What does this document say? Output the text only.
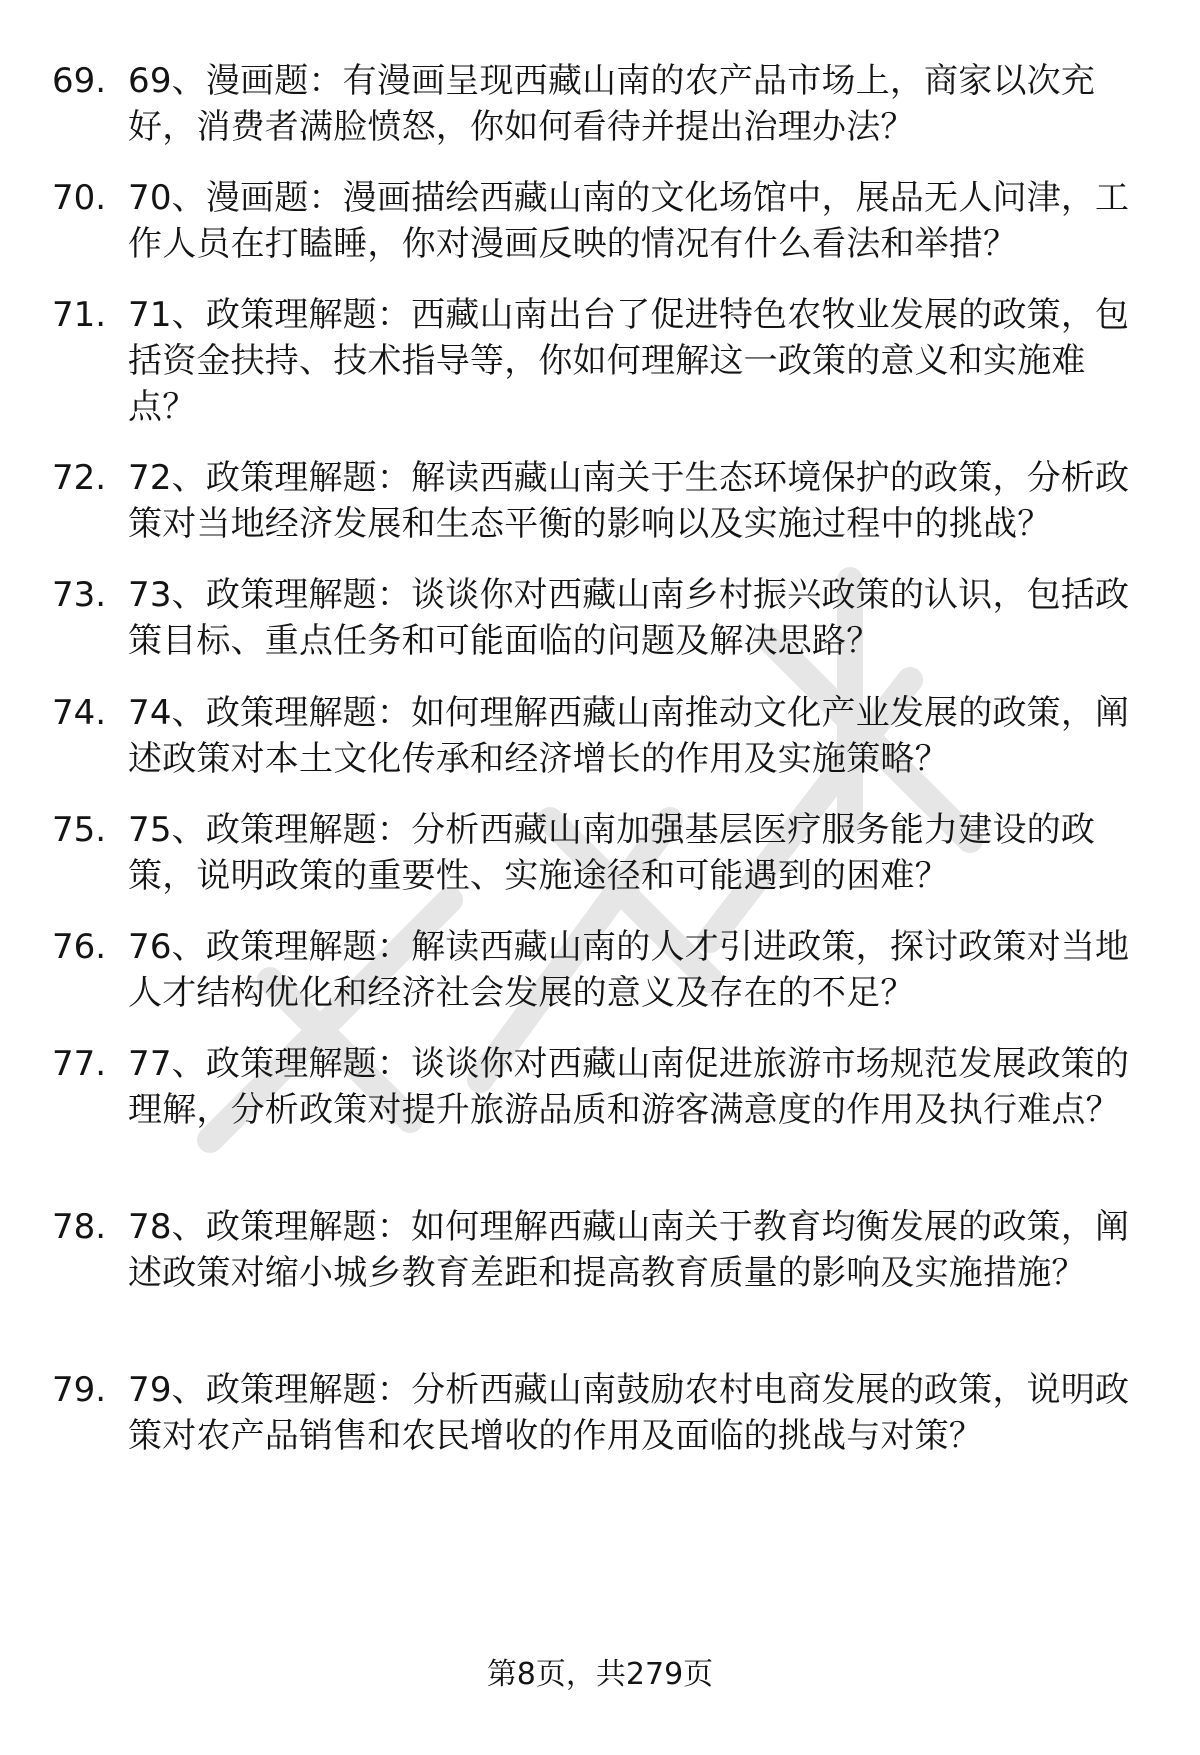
69. 69、漫画题：有漫画呈现西藏山南的农产品市场上，商家以次充好，消费者满脸愤怒，你如何看待并提出治理办法？
70. 70、漫画题：漫画描绘西藏山南的文化场馆中，展品无人问津，工作人员在打瞌睡，你对漫画反映的情况有什么看法和举措？
71. 71、政策理解题：西藏山南出台了促进特色农牧业发展的政策，包括资金扶持、技术指导等，你如何理解这一政策的意义和实施难点？
72. 72、政策理解题：解读西藏山南关于生态环境保护的政策，分析政策对当地经济发展和生态平衡的影响以及实施过程中的挑战？
73. 73、政策理解题：谈谈你对西藏山南乡村振兴政策的认识，包括政策目标、重点任务和可能面临的问题及解决思路？
74. 74、政策理解题：如何理解西藏山南推动文化产业发展的政策，阐述政策对本土文化传承和经济增长的作用及实施策略？
75. 75、政策理解题：分析西藏山南加强基层医疗服务能力建设的政策，说明政策的重要性、实施途径和可能遇到的困难？
76. 76、政策理解题：解读西藏山南的人才引进政策，探讨政策对当地人才结构优化和经济社会发展的意义及存在的不足？
77. 77、政策理解题：谈谈你对西藏山南促进旅游市场规范发展政策的理解，分析政策对提升旅游品质和游客满意度的作用及执行难点？
78. 78、政策理解题：如何理解西藏山南关于教育均衡发展的政策，阐述政策对缩小城乡教育差距和提高教育质量的影响及实施措施？
79. 79、政策理解题：分析西藏山南鼓励农村电商发展的政策，说明政策对农产品销售和农民增收的作用及面临的挑战与对策？
第8页，共279页
